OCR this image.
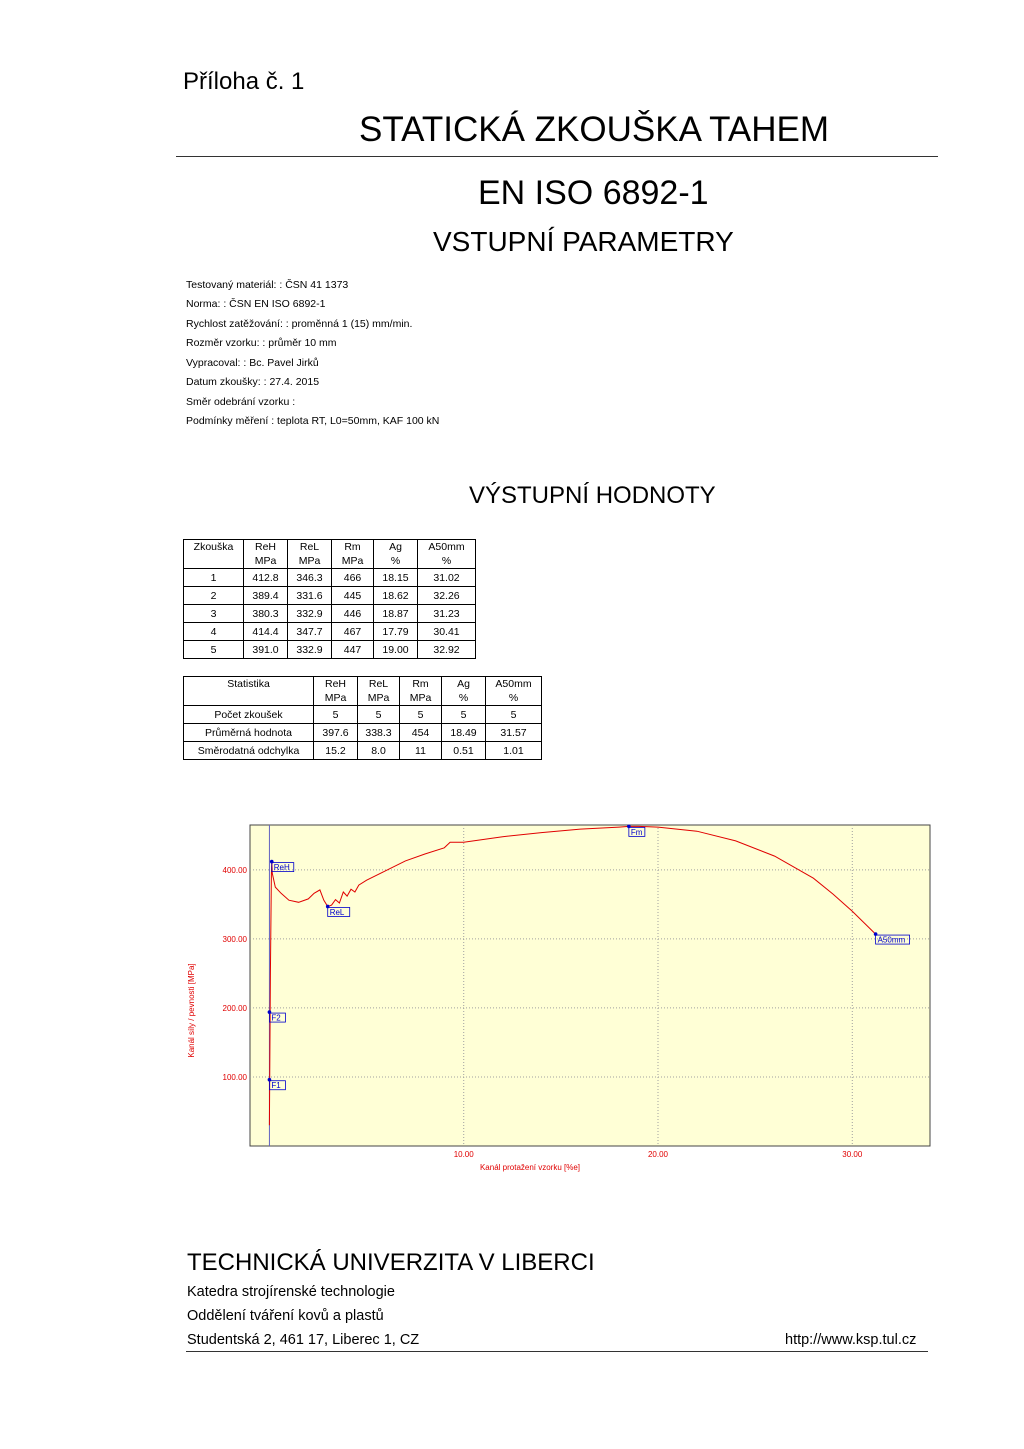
Příloha č. 1
STATICKÁ ZKOUŠKA TAHEM
EN ISO 6892-1
VSTUPNÍ PARAMETRY
Testovaný materiál: : ČSN 41 1373
Norma: : ČSN EN ISO 6892-1
Rychlost zatěžování: : proměnná 1 (15) mm/min.
Rozměr vzorku: : průměr 10 mm
Vypracoval: : Bc. Pavel Jirků
Datum zkoušky: : 27.4. 2015
Směr odebrání vzorku :
Podmínky měření : teplota RT, L0=50mm, KAF 100 kN
VÝSTUPNÍ HODNOTY
Zkouška	ReH	ReL	Rm	Ag	A50mm
	MPa	MPa	MPa	%	%
1	412.8	346.3	466	18.15	31.02
2	389.4	331.6	445	18.62	32.26
3	380.3	332.9	446	18.87	31.23
4	414.4	347.7	467	17.79	30.41
5	391.0	332.9	447	19.00	32.92
Statistika	ReH	ReL	Rm	Ag	A50mm
	MPa	MPa	MPa	%	%
Počet zkoušek	5	5	5	5	5
Průměrná hodnota	397.6	338.3	454	18.49	31.57
Směrodatná odchylka	15.2	8.0	11	0.51	1.01
10.00	20.00	30.00
100.00
200.00
300.00
400.00	ReH
ReL
Fm
A50mm
F2
F1
Kanál protažení vzorku [%e]
Kanál síly / pevnosti [MPa]
TECHNICKÁ UNIVERZITA V LIBERCI
Katedra strojírenské technologie
Oddělení tváření kovů a plastů
Studentská 2, 461 17, Liberec 1, CZ	http://www.ksp.tul.cz
